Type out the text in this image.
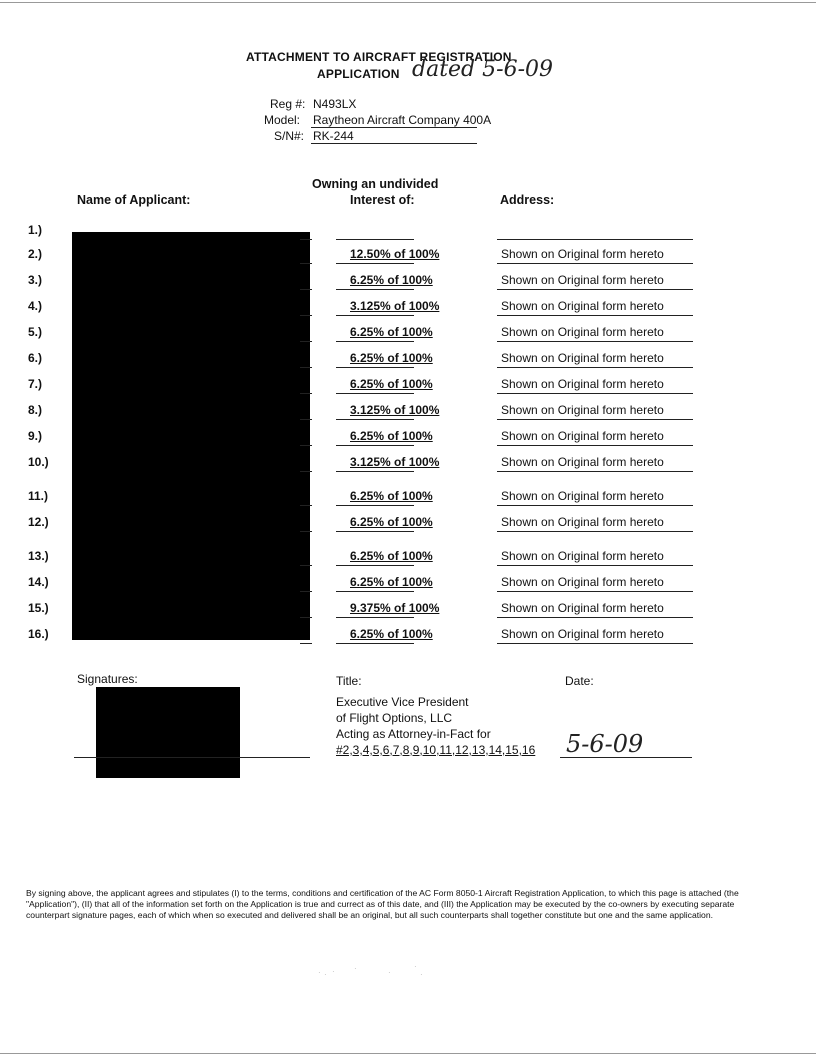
ATTACHMENT TO AIRCRAFT REGISTRATION
APPLICATION dated 5-6-09
Reg #: N493LX
Model: Raytheon Aircraft Company 400A
S/N#: RK-244
Owning an undivided
Name of Applicant:	Interest of:	Address:
1.)
2.)	12.50% of 100%	Shown on Original form hereto
3.)	6.25% of 100%	Shown on Original form hereto
4.)	3.125% of 100%	Shown on Original form hereto
5.)	6.25% of 100%	Shown on Original form hereto
6.)	6.25% of 100%	Shown on Original form hereto
7.)	6.25% of 100%	Shown on Original form hereto
8.)	3.125% of 100%	Shown on Original form hereto
9.)	6.25% of 100%	Shown on Original form hereto
10.)	3.125% of 100%	Shown on Original form hereto
11.)	6.25% of 100%	Shown on Original form hereto
12.)	6.25% of 100%	Shown on Original form hereto
13.)	6.25% of 100%	Shown on Original form hereto
14.)	6.25% of 100%	Shown on Original form hereto
15.)	9.375% of 100%	Shown on Original form hereto
16.)	6.25% of 100%	Shown on Original form hereto
Signatures:	Title:	Date:
Executive Vice President
of Flight Options, LLC
Acting as Attorney-in-Fact for
#2,3,4,5,6,7,8,9,10,11,12,13,14,15,16 5-6-09
By signing above, the applicant agrees and stipulates (I) to the terms, conditions and certification of the AC Form 8050-1 Aircraft Registration Application, to which this page is attached (the "Application"), (II) that all of the information set forth on the Application is true and currect as of this date, and (III) the Application may be executed by the co-owners by executing separate counterpart signature pages, each of which when so executed and delivered shall be an original, but all such counterparts shall together constitute but one and the same application.
· · · ·	·
·
·
